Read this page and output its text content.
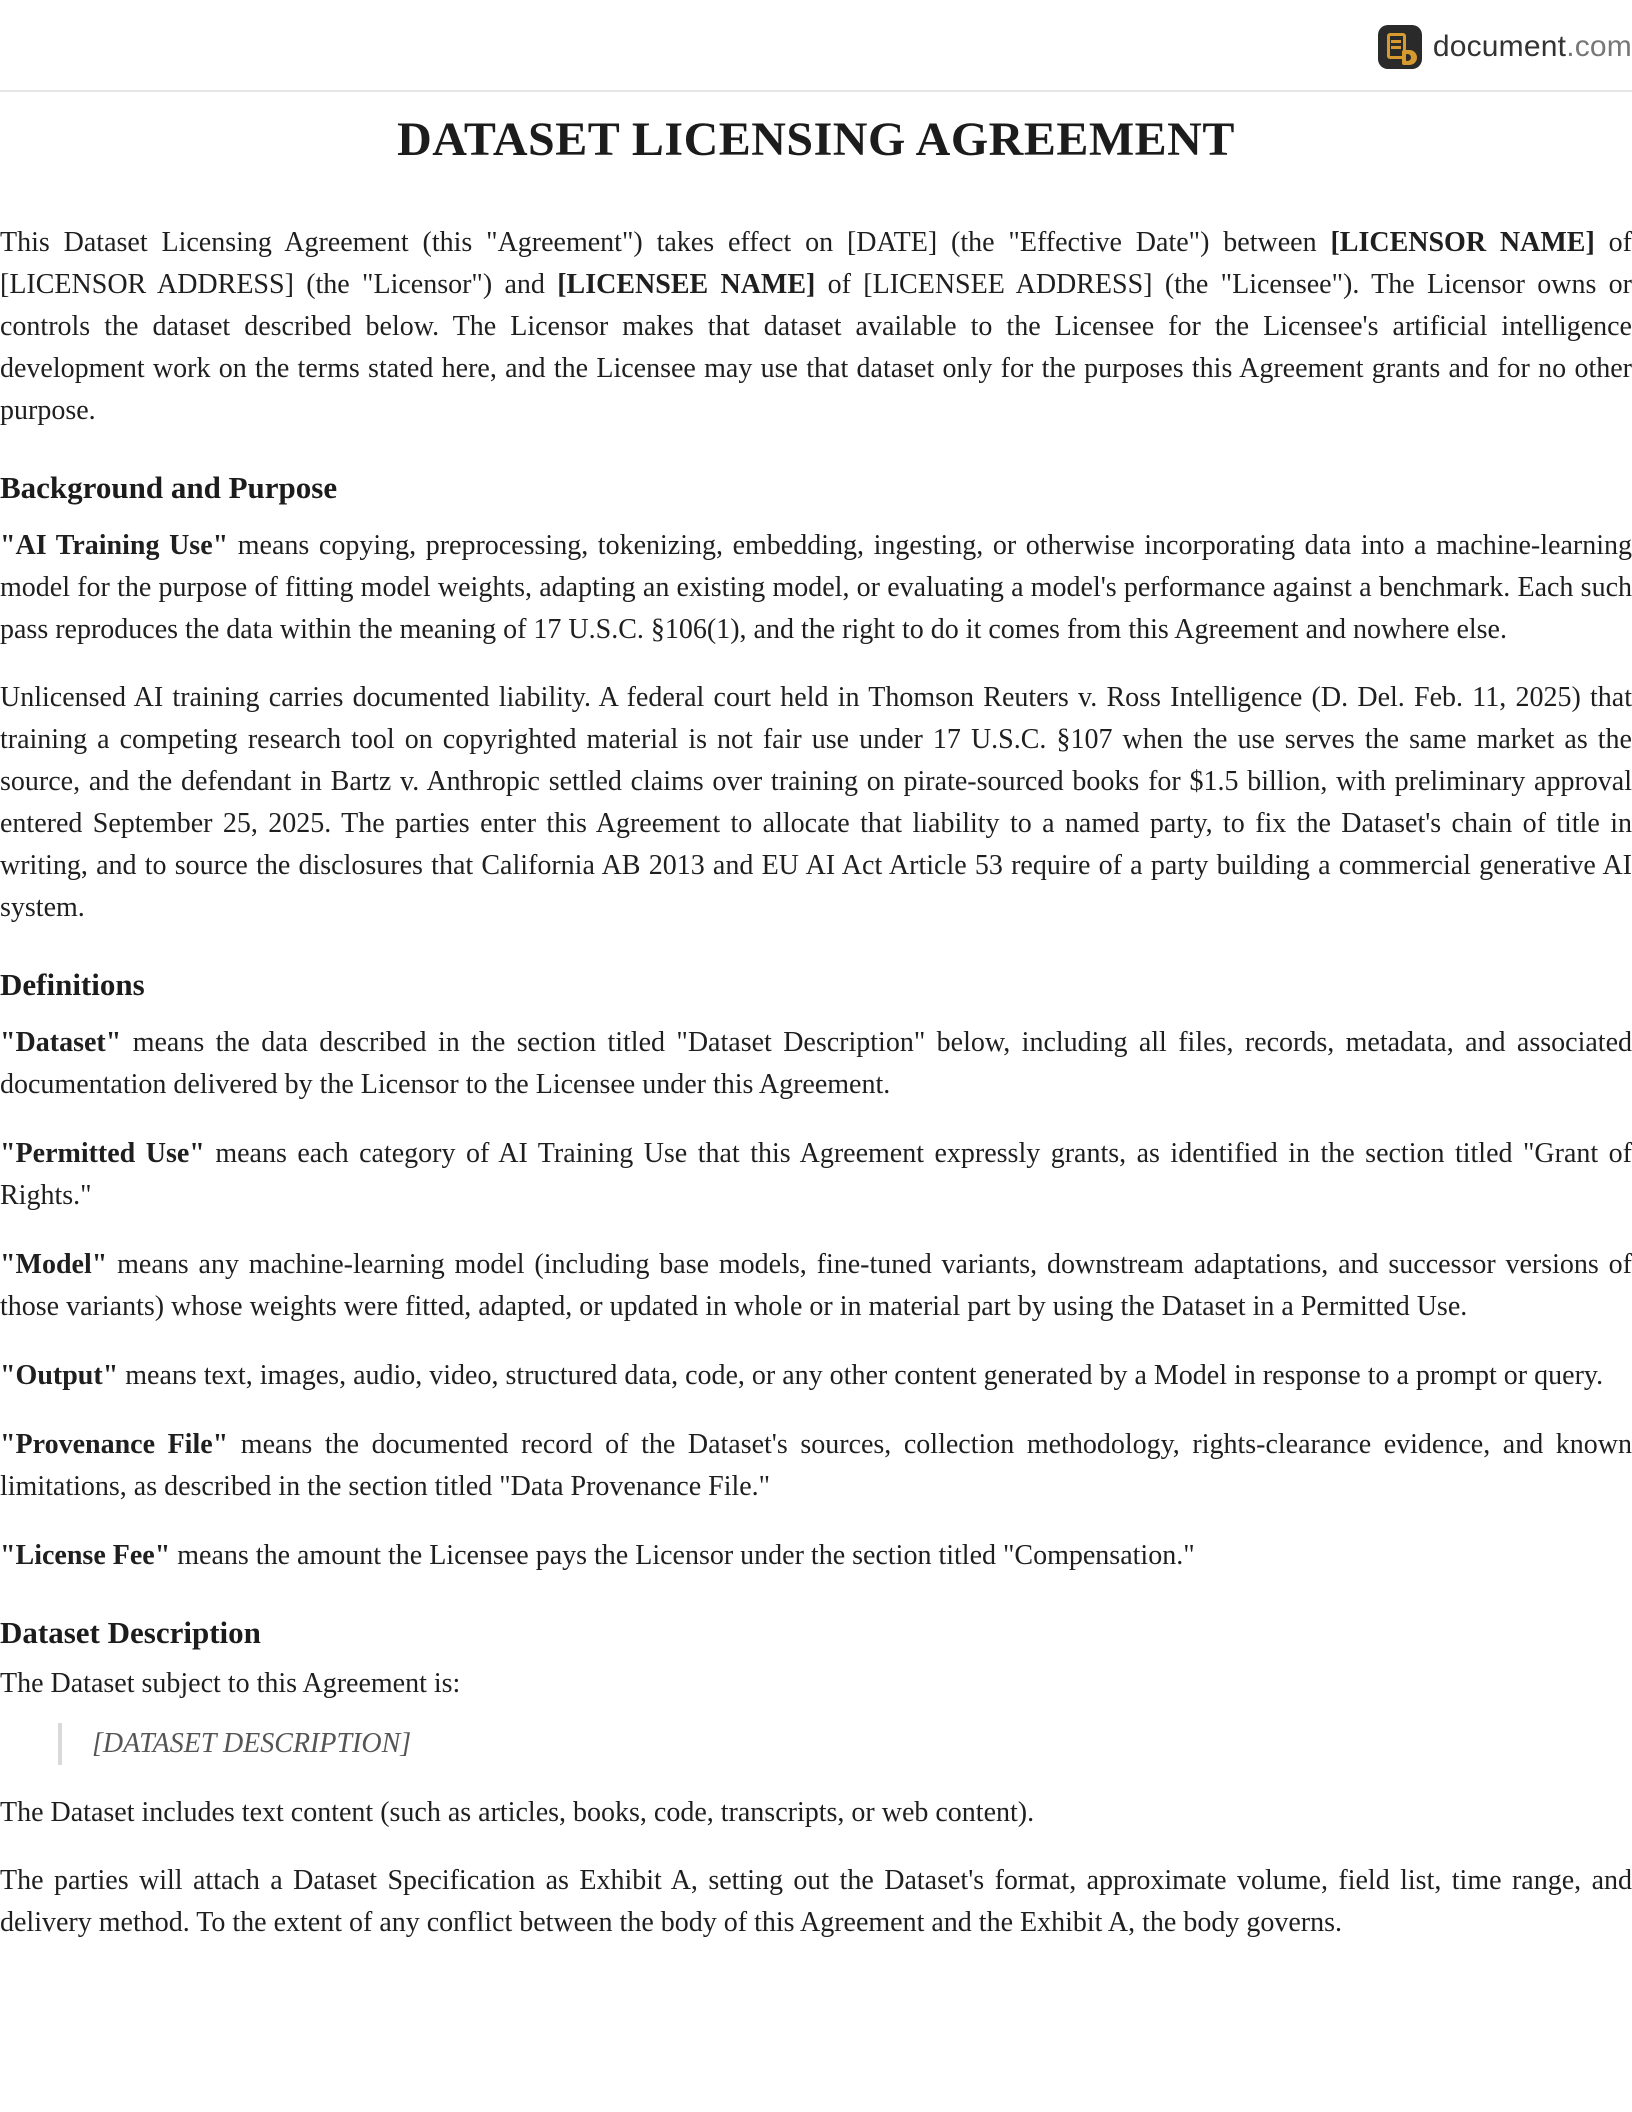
document.com
DATASET LICENSING AGREEMENT

This Dataset Licensing Agreement (this "Agreement") takes effect on [DATE] (the "Effective Date") between [LICENSOR NAME] of [LICENSOR ADDRESS] (the "Licensor") and [LICENSEE NAME] of [LICENSEE ADDRESS] (the "Licensee"). The Licensor owns or controls the dataset described below. The Licensor makes that dataset available to the Licensee for the Licensee's artificial intelligence development work on the terms stated here, and the Licensee may use that dataset only for the purposes this Agreement grants and for no other purpose.

Background and Purpose

"AI Training Use" means copying, preprocessing, tokenizing, embedding, ingesting, or otherwise incorporating data into a machine-learning model for the purpose of fitting model weights, adapting an existing model, or evaluating a model's performance against a benchmark. Each such pass reproduces the data within the meaning of 17 U.S.C. §106(1), and the right to do it comes from this Agreement and nowhere else.

Unlicensed AI training carries documented liability. A federal court held in Thomson Reuters v. Ross Intelligence (D. Del. Feb. 11, 2025) that training a competing research tool on copyrighted material is not fair use under 17 U.S.C. §107 when the use serves the same market as the source, and the defendant in Bartz v. Anthropic settled claims over training on pirate-sourced books for $1.5 billion, with preliminary approval entered September 25, 2025. The parties enter this Agreement to allocate that liability to a named party, to fix the Dataset's chain of title in writing, and to source the disclosures that California AB 2013 and EU AI Act Article 53 require of a party building a commercial generative AI system.

Definitions

"Dataset" means the data described in the section titled "Dataset Description" below, including all files, records, metadata, and associated documentation delivered by the Licensor to the Licensee under this Agreement.

"Permitted Use" means each category of AI Training Use that this Agreement expressly grants, as identified in the section titled "Grant of Rights."

"Model" means any machine-learning model (including base models, fine-tuned variants, downstream adaptations, and successor versions of those variants) whose weights were fitted, adapted, or updated in whole or in material part by using the Dataset in a Permitted Use.

"Output" means text, images, audio, video, structured data, code, or any other content generated by a Model in response to a prompt or query.

"Provenance File" means the documented record of the Dataset's sources, collection methodology, rights-clearance evidence, and known limitations, as described in the section titled "Data Provenance File."

"License Fee" means the amount the Licensee pays the Licensor under the section titled "Compensation."

Dataset Description

The Dataset subject to this Agreement is:

[DATASET DESCRIPTION]

The Dataset includes text content (such as articles, books, code, transcripts, or web content).

The parties will attach a Dataset Specification as Exhibit A, setting out the Dataset's format, approximate volume, field list, time range, and delivery method. To the extent of any conflict between the body of this Agreement and the Exhibit A, the body governs.
